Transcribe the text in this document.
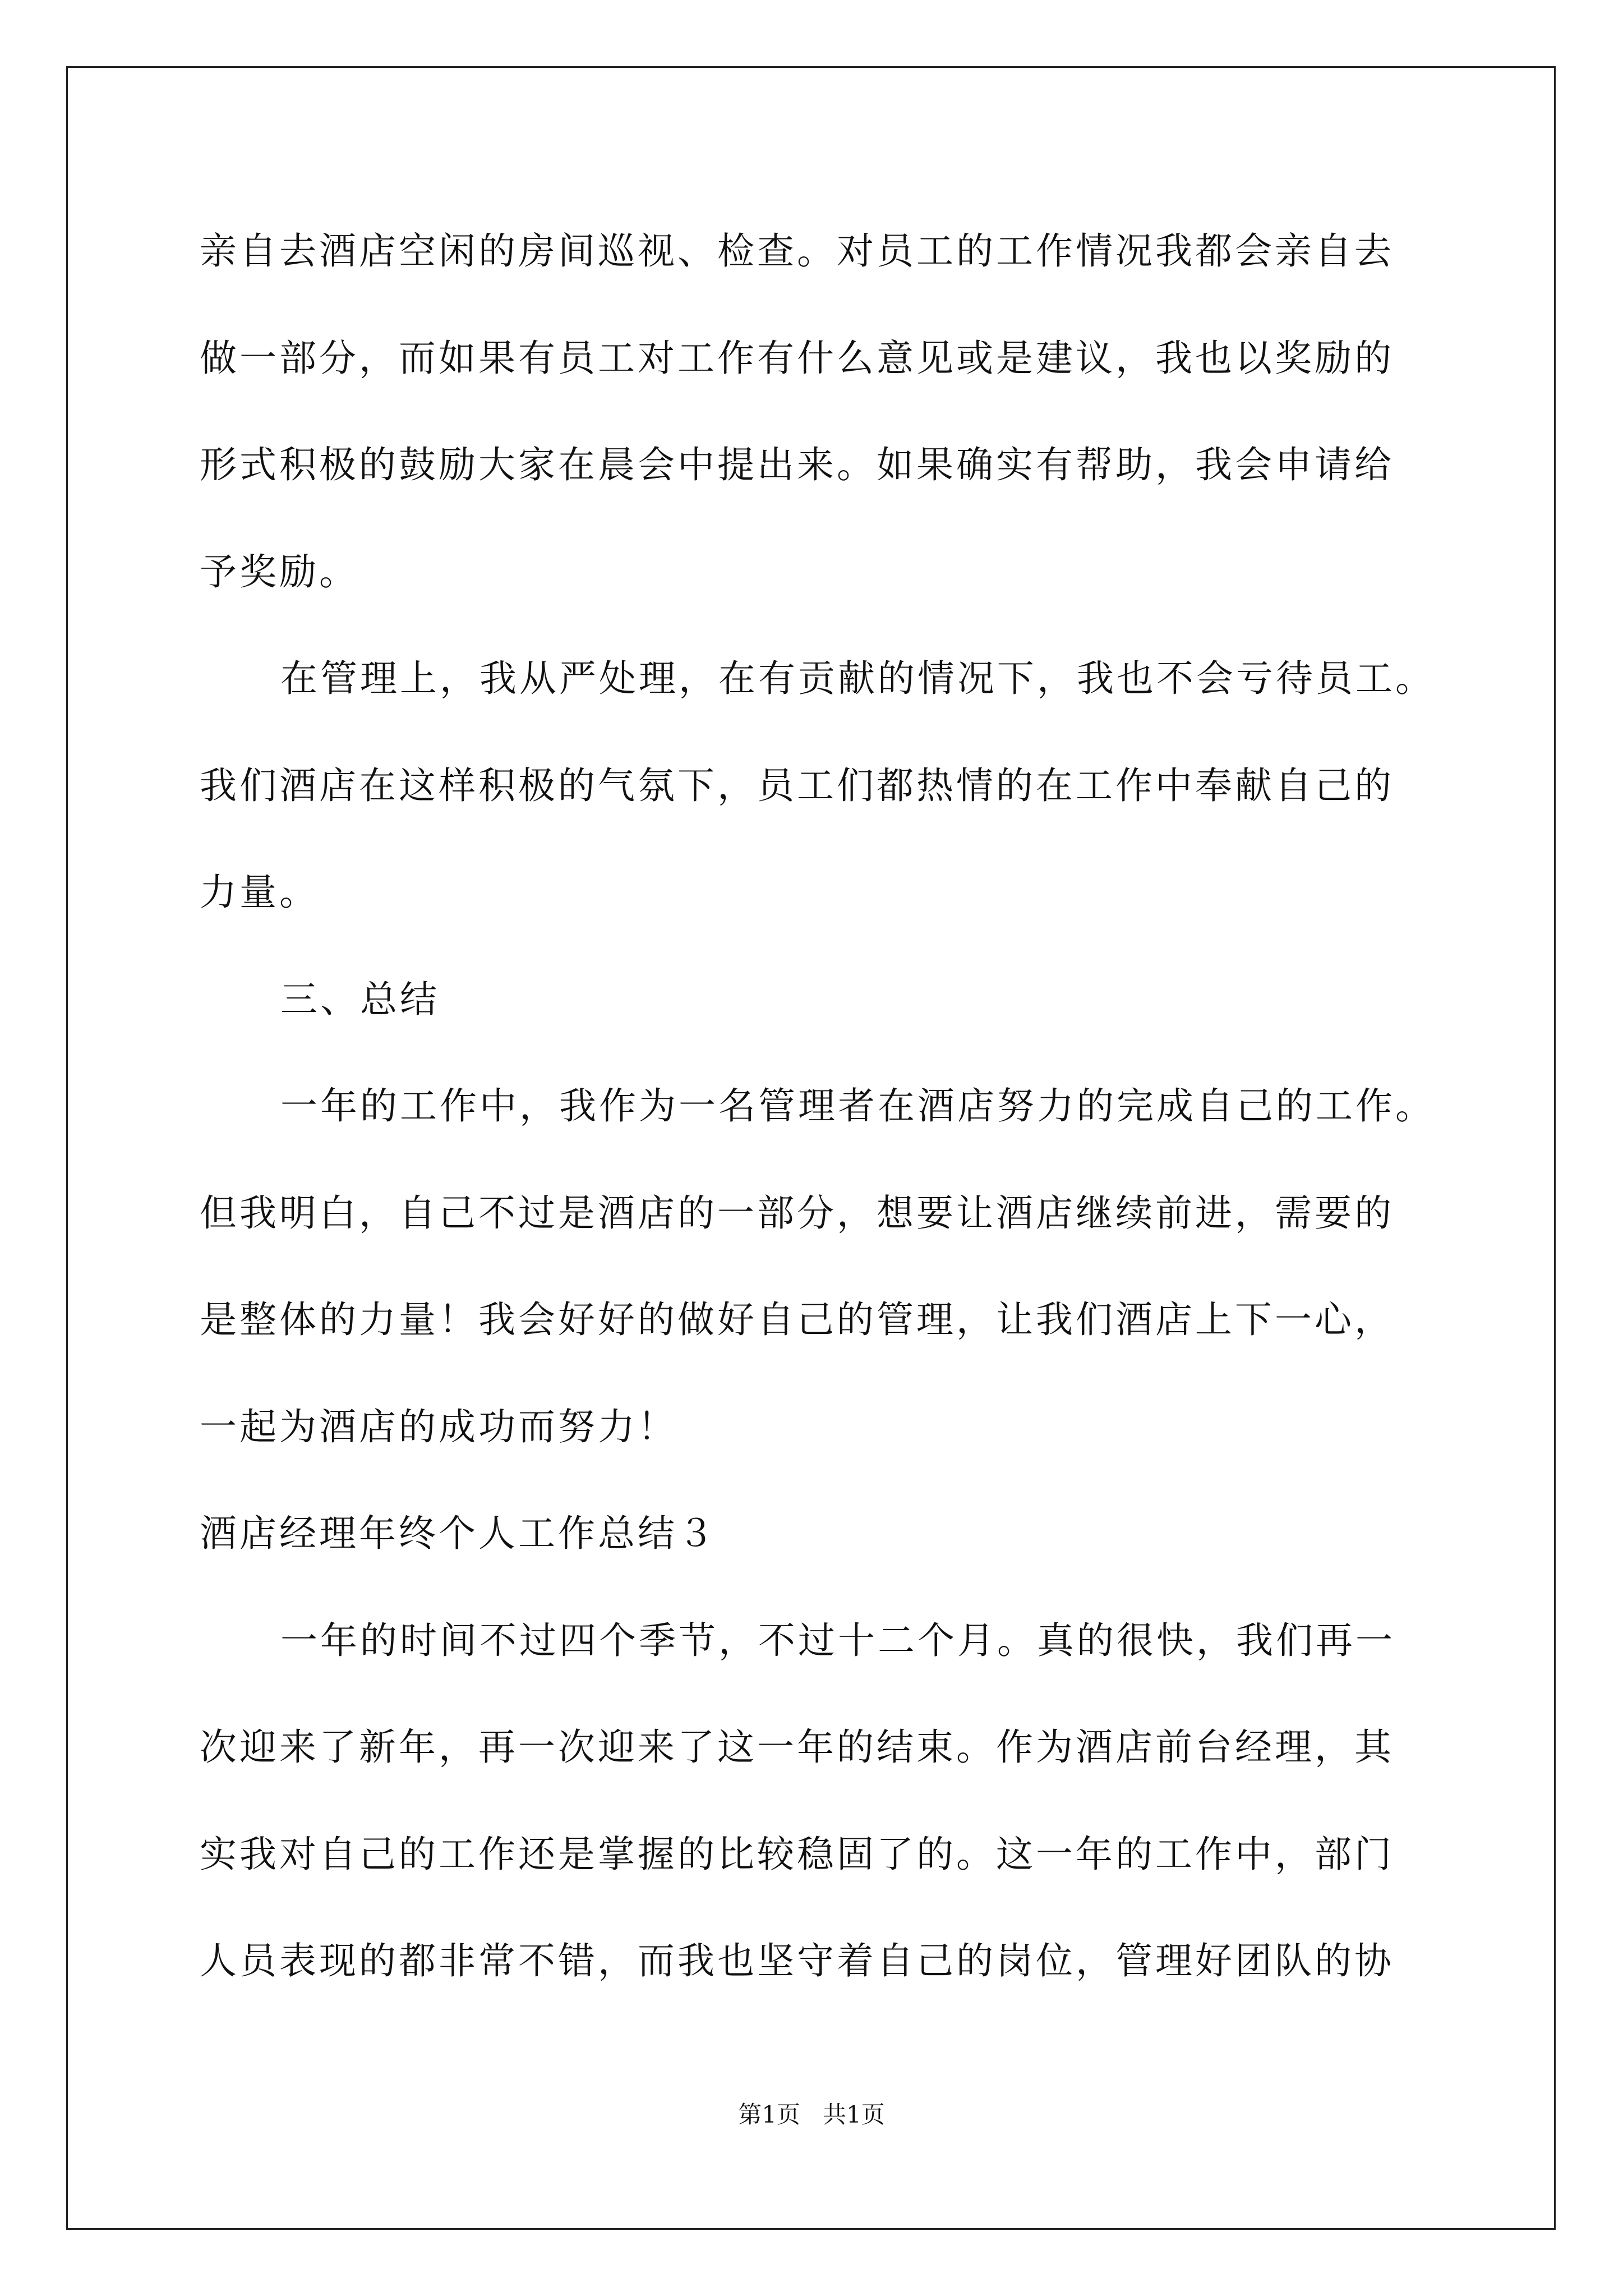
亲自去酒店空闲的房间巡视、检查。对员工的工作情况我都会亲自去
做一部分，而如果有员工对工作有什么意见或是建议，我也以奖励的
形式积极的鼓励大家在晨会中提出来。如果确实有帮助，我会申请给
予奖励。
在管理上，我从严处理，在有贡献的情况下，我也不会亏待员工。
我们酒店在这样积极的气氛下，员工们都热情的在工作中奉献自己的
力量。
三、总结
一年的工作中，我作为一名管理者在酒店努力的完成自己的工作。
但我明白，自己不过是酒店的一部分，想要让酒店继续前进，需要的
是整体的力量！我会好好的做好自己的管理，让我们酒店上下一心，
一起为酒店的成功而努力！
酒店经理年终个人工作总结３
一年的时间不过四个季节，不过十二个月。真的很快，我们再一
次迎来了新年，再一次迎来了这一年的结束。作为酒店前台经理，其
实我对自己的工作还是掌握的比较稳固了的。这一年的工作中，部门
人员表现的都非常不错，而我也坚守着自己的岗位，管理好团队的协
第1页   共1页
